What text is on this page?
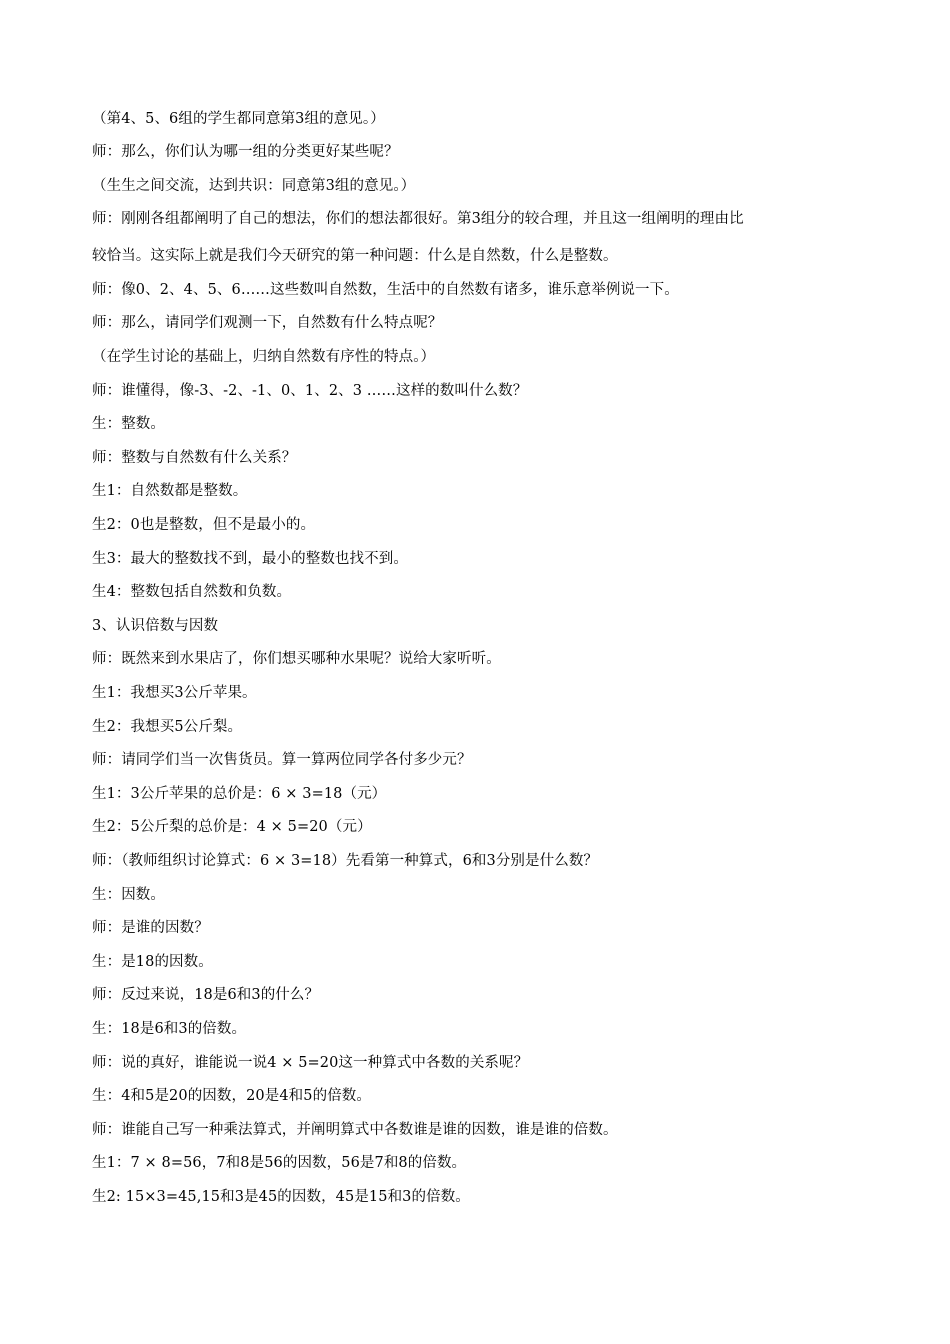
（第4、5、6组的学生都同意第3组的意见。）

师：那么，你们认为哪一组的分类更好某些呢？

（生生之间交流，达到共识：同意第3组的意见。）

师：刚刚各组都阐明了自己的想法，你们的想法都很好。第3组分的较合理，并且这一组阐明的理由比

较恰当。这实际上就是我们今天研究的第一种问题：什么是自然数，什么是整数。

师：像0、2、4、5、6……这些数叫自然数，生活中的自然数有诸多，谁乐意举例说一下。

师：那么，请同学们观测一下，自然数有什么特点呢？

（在学生讨论的基础上，归纳自然数有序性的特点。）

师：谁懂得，像-3、-2、-1、0、1、2、3 ……这样的数叫什么数？

生：整数。

师：整数与自然数有什么关系？

生1：自然数都是整数。

生2：0也是整数，但不是最小的。

生3：最大的整数找不到，最小的整数也找不到。

生4：整数包括自然数和负数。

3、认识倍数与因数

师：既然来到水果店了，你们想买哪种水果呢？说给大家听听。

生1：我想买3公斤苹果。

生2：我想买5公斤梨。

师：请同学们当一次售货员。算一算两位同学各付多少元？

生1：3公斤苹果的总价是：6 × 3=18（元）

生2：5公斤梨的总价是：4 × 5=20（元）

师：（教师组织讨论算式：6 × 3=18）先看第一种算式，6和3分别是什么数？

生：因数。

师：是谁的因数？

生：是18的因数。

师：反过来说，18是6和3的什么？

生：18是6和3的倍数。

师：说的真好，谁能说一说4 × 5=20这一种算式中各数的关系呢？

生：4和5是20的因数，20是4和5的倍数。

师：谁能自己写一种乘法算式，并阐明算式中各数谁是谁的因数，谁是谁的倍数。

生1：7 × 8=56，7和8是56的因数，56是7和8的倍数。

生2: 15×3=45,15和3是45的因数，45是15和3的倍数。
